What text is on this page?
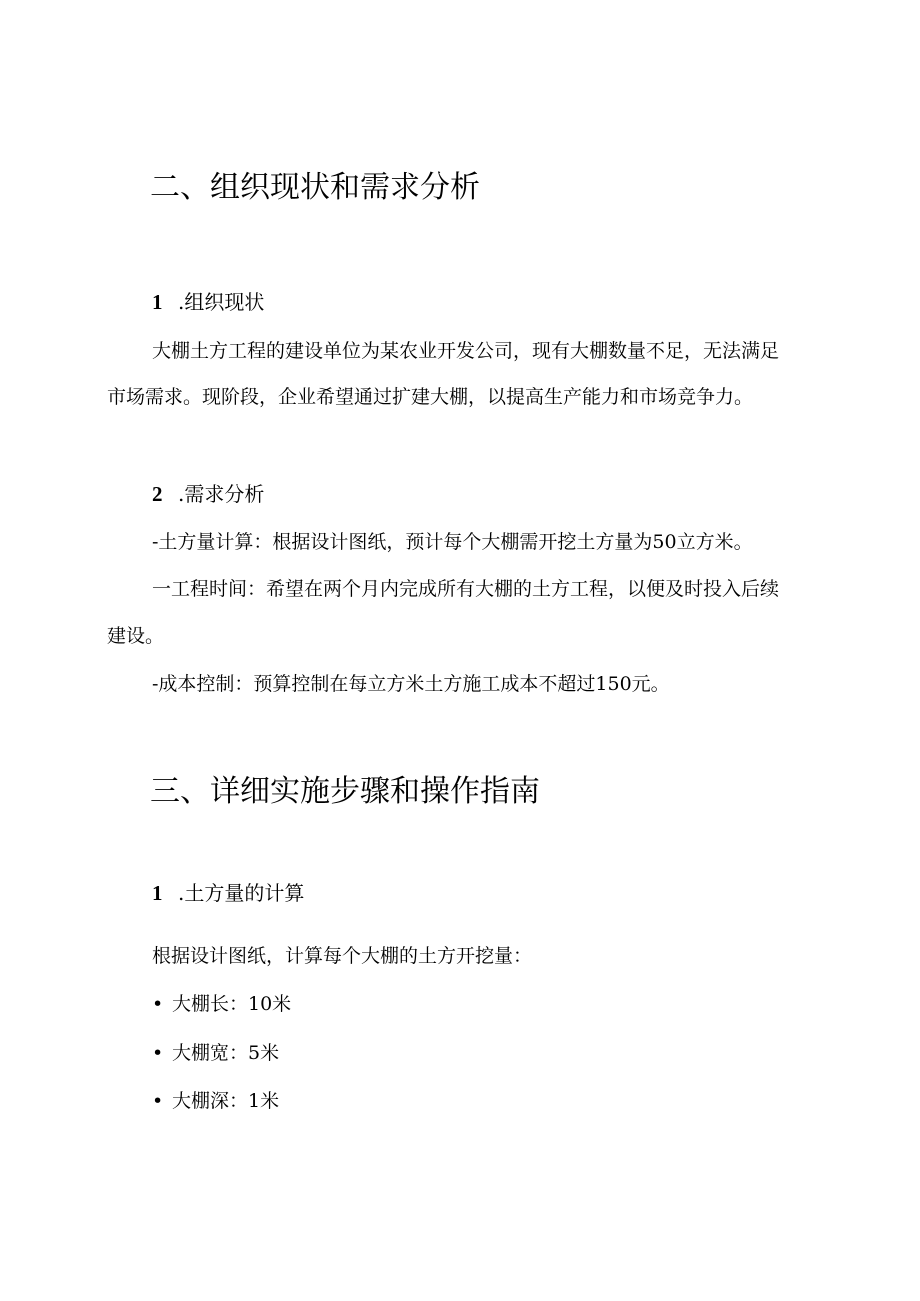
二、组织现状和需求分析
1 .组织现状
大棚土方工程的建设单位为某农业开发公司，现有大棚数量不足，无法满足
市场需求。现阶段，企业希望通过扩建大棚，以提高生产能力和市场竞争力。
2 .需求分析
-土方量计算：根据设计图纸，预计每个大棚需开挖土方量为50立方米。
一工程时间：希望在两个月内完成所有大棚的土方工程，以便及时投入后续
建设。
-成本控制：预算控制在每立方米土方施工成本不超过150元。
三、详细实施步骤和操作指南
1 .土方量的计算
根据设计图纸，计算每个大棚的土方开挖量：
• 大棚长：10米
• 大棚宽：5米
• 大棚深：1米
